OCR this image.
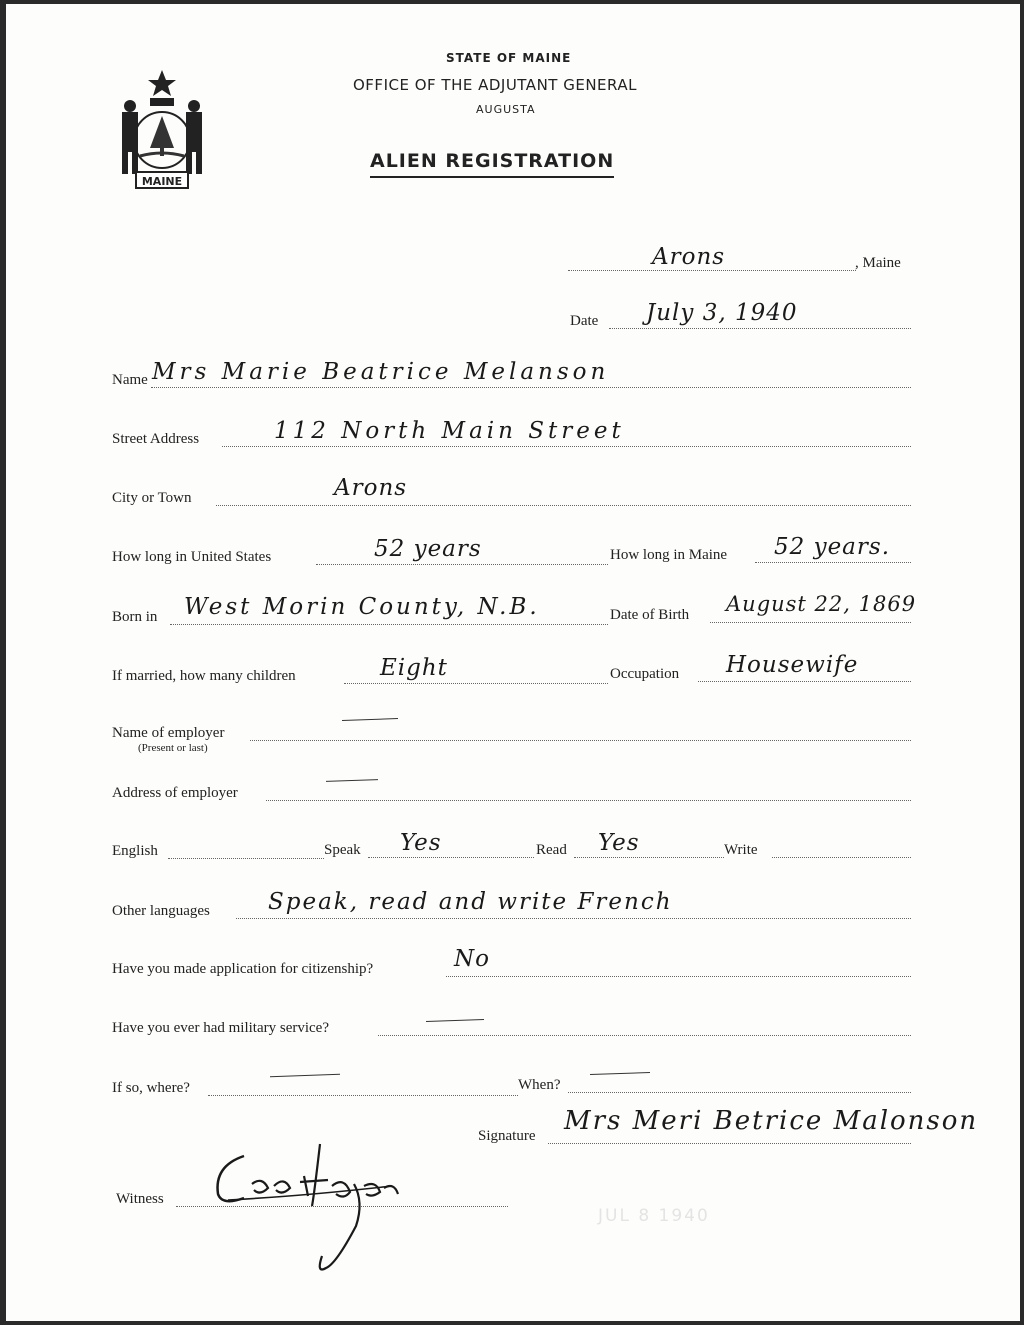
MAINE
STATE OF MAINE
OFFICE OF THE ADJUTANT GENERAL
AUGUSTA
ALIEN REGISTRATION
Arons	, Maine
Date July 3, 1940
Name Mrs Marie Beatrice Melanson
Street Address	112 North Main Street
City or Town	Arons
How long in United States	52 years	How long in Maine 52 years.
Born in West Morin County, N.B.	Date of Birth August 22, 1869
If married, how many children	Eight	Occupation Housewife
Name of employer
(Present or last)
Address of employer
English	Speak Yes	Read Yes	Write
Other languages	Speak, read and write French
Have you made application for citizenship?	No
Have you ever had military service?
If so, where?	When?
Signature Mrs Meri Betrice Malonson
Witness
JUL 8 1940
